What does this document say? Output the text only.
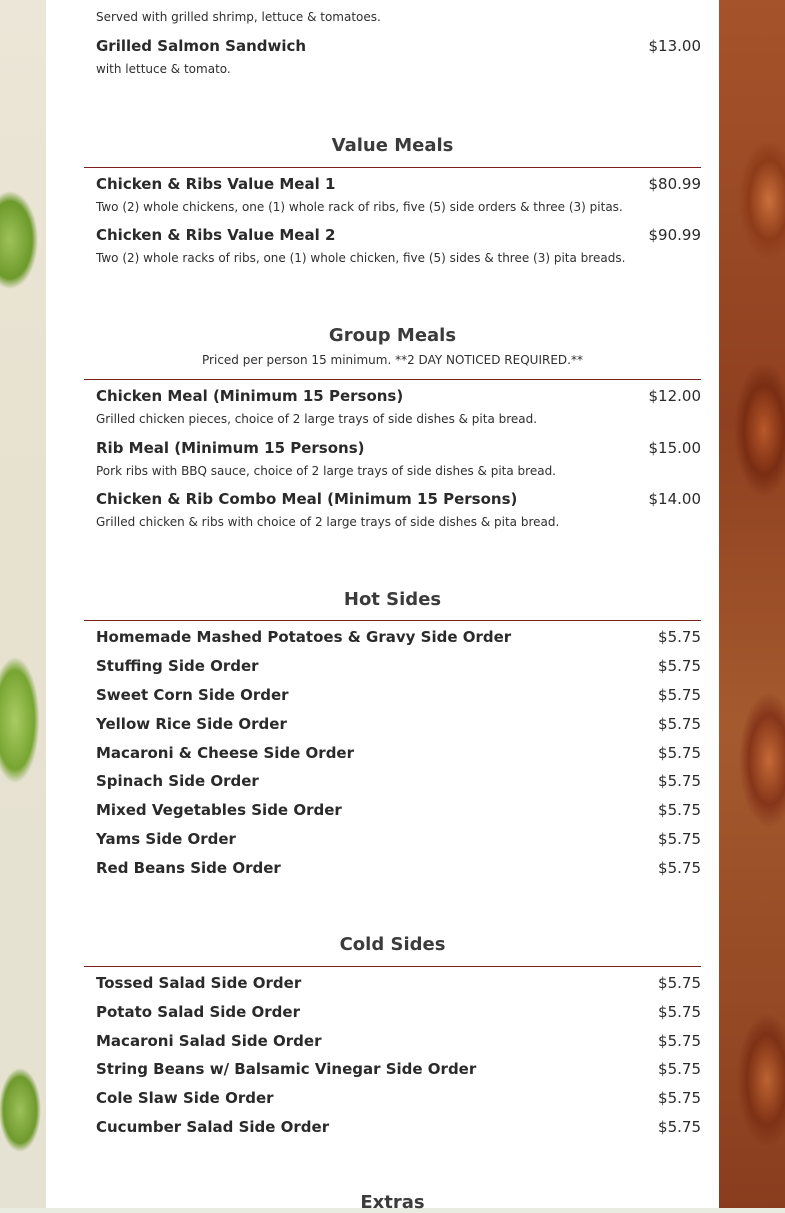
Served with grilled shrimp, lettuce & tomatoes.
Grilled Salmon Sandwich	$13.00
with lettuce & tomato.
Value Meals
Chicken & Ribs Value Meal 1	$80.99
Two (2) whole chickens, one (1) whole rack of ribs, five (5) side orders & three (3) pitas.
Chicken & Ribs Value Meal 2	$90.99
Two (2) whole racks of ribs, one (1) whole chicken, five (5) sides & three (3) pita breads.
Group Meals
Priced per person 15 minimum. **2 DAY NOTICED REQUIRED.**
Chicken Meal (Minimum 15 Persons)	$12.00
Grilled chicken pieces, choice of 2 large trays of side dishes & pita bread.
Rib Meal (Minimum 15 Persons)	$15.00
Pork ribs with BBQ sauce, choice of 2 large trays of side dishes & pita bread.
Chicken & Rib Combo Meal (Minimum 15 Persons)	$14.00
Grilled chicken & ribs with choice of 2 large trays of side dishes & pita bread.
Hot Sides
Homemade Mashed Potatoes & Gravy Side Order	$5.75
Stuffing Side Order	$5.75
Sweet Corn Side Order	$5.75
Yellow Rice Side Order	$5.75
Macaroni & Cheese Side Order	$5.75
Spinach Side Order	$5.75
Mixed Vegetables Side Order	$5.75
Yams Side Order	$5.75
Red Beans Side Order	$5.75
Cold Sides
Tossed Salad Side Order	$5.75
Potato Salad Side Order	$5.75
Macaroni Salad Side Order	$5.75
String Beans w/ Balsamic Vinegar Side Order	$5.75
Cole Slaw Side Order	$5.75
Cucumber Salad Side Order	$5.75
Extras
